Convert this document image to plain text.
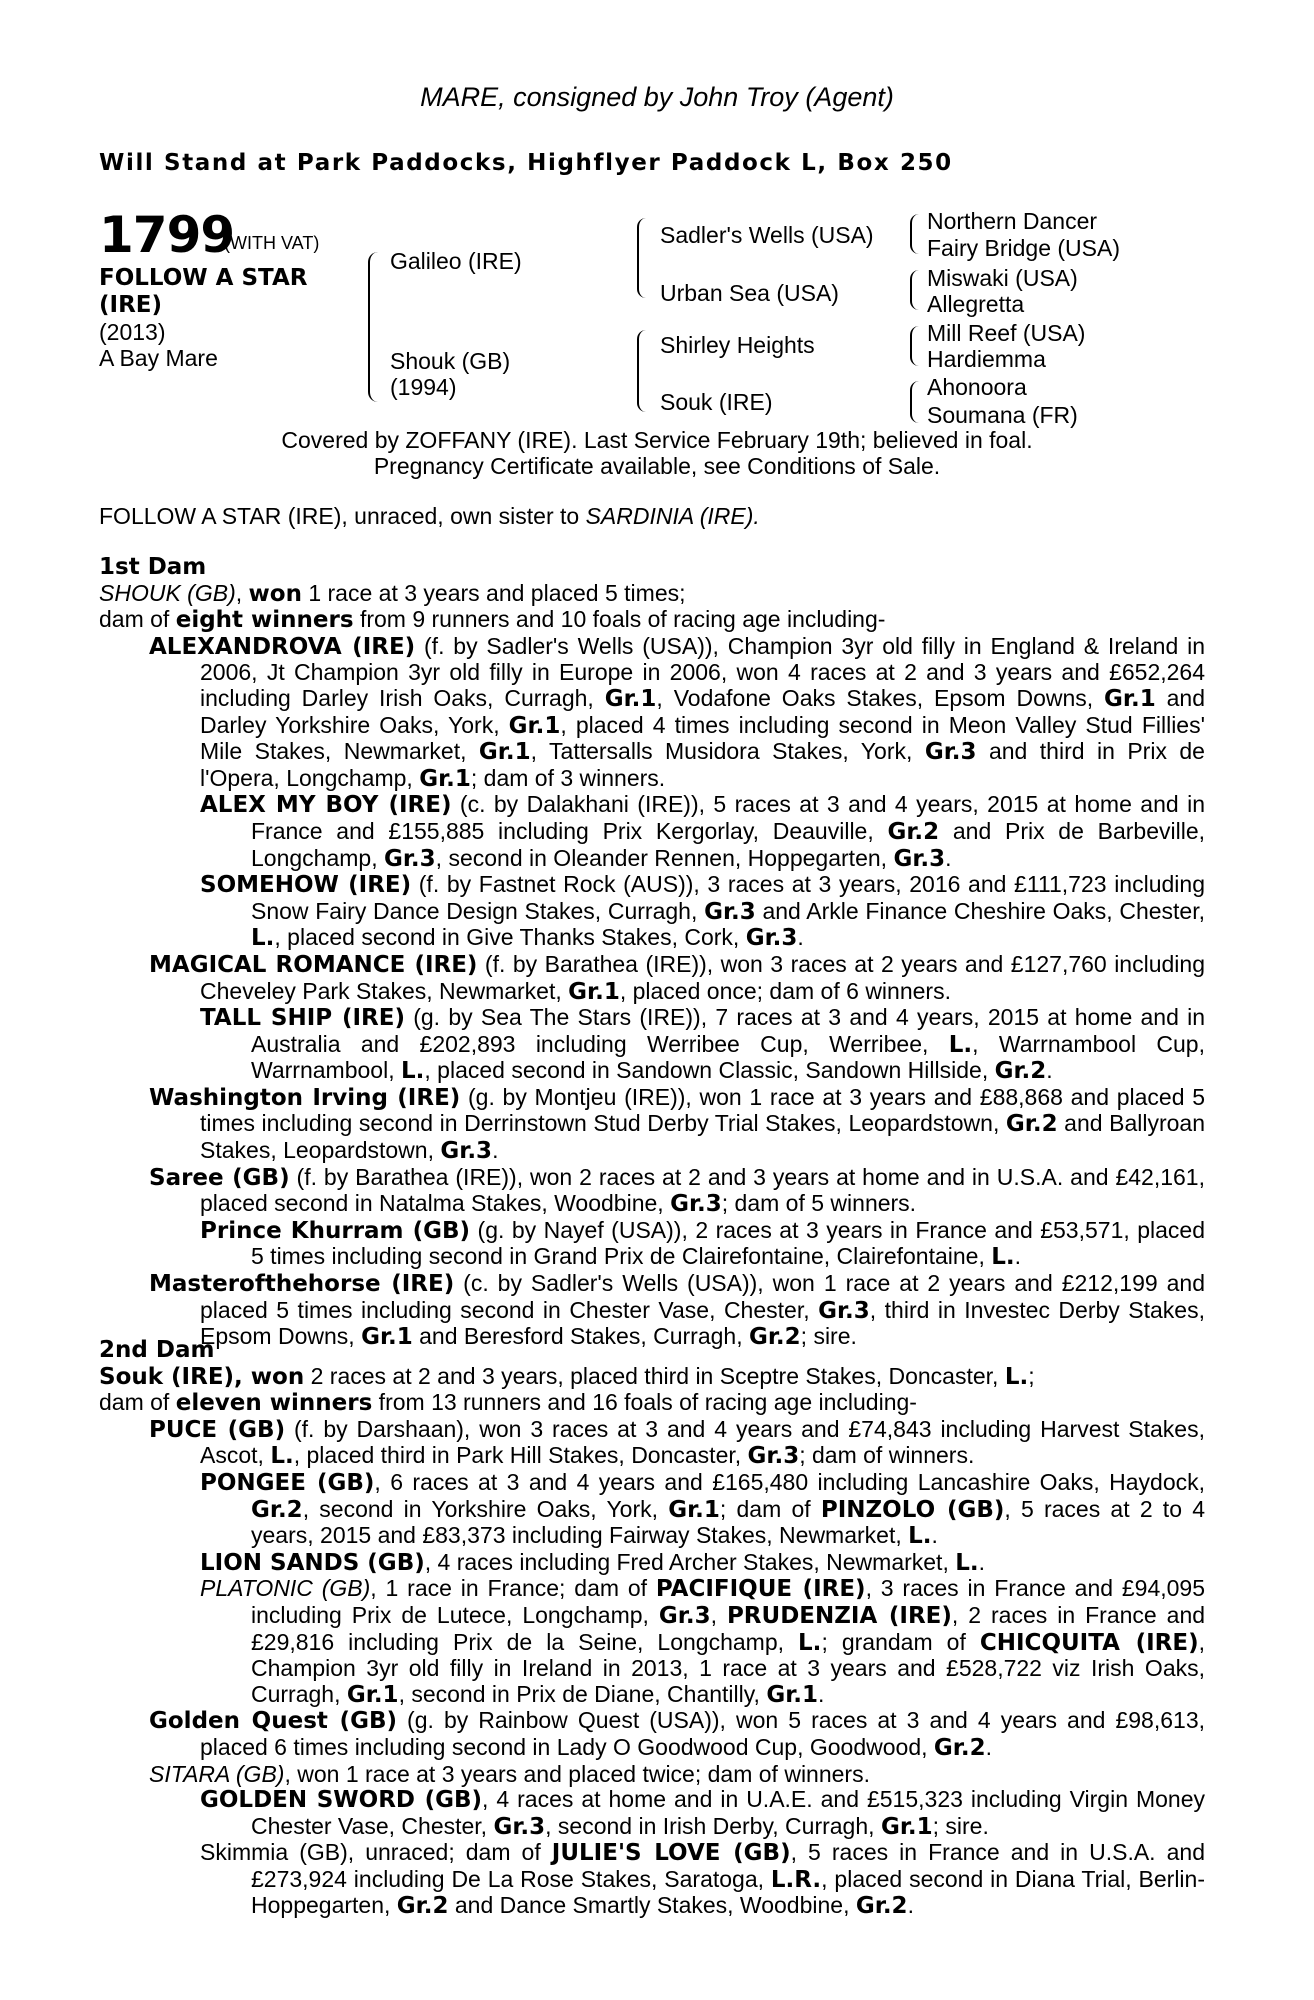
MARE, consigned by John Troy (Agent)
Will Stand at Park Paddocks, Highflyer Paddock L, Box 250
1799
(WITH VAT)
FOLLOW A STAR
(IRE)
(2013)
A Bay Mare
Galileo (IRE)
Shouk (GB)
(1994)
Sadler's Wells (USA)
Urban Sea (USA)
Shirley Heights
Souk (IRE)
Northern Dancer
Fairy Bridge (USA)
Miswaki (USA)
Allegretta
Mill Reef (USA)
Hardiemma
Ahonoora
Soumana (FR)
Covered by ZOFFANY (IRE). Last Service February 19th; believed in foal.
Pregnancy Certificate available, see Conditions of Sale.
FOLLOW A STAR (IRE), unraced, own sister to SARDINIA (IRE).

1st Dam

SHOUK (GB), won 1 race at 3 years and placed 5 times;

dam of eight winners from 9 runners and 10 foals of racing age including-

ALEXANDROVA (IRE) (f. by Sadler's Wells (USA)), Champion 3yr old filly in England & Ireland in 2006, Jt Champion 3yr old filly in Europe in 2006, won 4 races at 2 and 3 years and £652,264 including Darley Irish Oaks, Curragh, Gr.1, Vodafone Oaks Stakes, Epsom Downs, Gr.1 and Darley Yorkshire Oaks, York, Gr.1, placed 4 times including second in Meon Valley Stud Fillies' Mile Stakes, Newmarket, Gr.1, Tattersalls Musidora Stakes, York, Gr.3 and third in Prix de l'Opera, Longchamp, Gr.1; dam of 3 winners.

ALEX MY BOY (IRE) (c. by Dalakhani (IRE)), 5 races at 3 and 4 years, 2015 at home and in France and £155,885 including Prix Kergorlay, Deauville, Gr.2 and Prix de Barbeville, Longchamp, Gr.3, second in Oleander Rennen, Hoppegarten, Gr.3.

SOMEHOW (IRE) (f. by Fastnet Rock (AUS)), 3 races at 3 years, 2016 and £111,723 including Snow Fairy Dance Design Stakes, Curragh, Gr.3 and Arkle Finance Cheshire Oaks, Chester, L., placed second in Give Thanks Stakes, Cork, Gr.3.

MAGICAL ROMANCE (IRE) (f. by Barathea (IRE)), won 3 races at 2 years and £127,760 including Cheveley Park Stakes, Newmarket, Gr.1, placed once; dam of 6 winners.

TALL SHIP (IRE) (g. by Sea The Stars (IRE)), 7 races at 3 and 4 years, 2015 at home and in Australia and £202,893 including Werribee Cup, Werribee, L., Warrnambool Cup, Warrnambool, L., placed second in Sandown Classic, Sandown Hillside, Gr.2.

Washington Irving (IRE) (g. by Montjeu (IRE)), won 1 race at 3 years and £88,868 and placed 5 times including second in Derrinstown Stud Derby Trial Stakes, Leopardstown, Gr.2 and Ballyroan Stakes, Leopardstown, Gr.3.

Saree (GB) (f. by Barathea (IRE)), won 2 races at 2 and 3 years at home and in U.S.A. and £42,161, placed second in Natalma Stakes, Woodbine, Gr.3; dam of 5 winners.

Prince Khurram (GB) (g. by Nayef (USA)), 2 races at 3 years in France and £53,571, placed 5 times including second in Grand Prix de Clairefontaine, Clairefontaine, L..

Masterofthehorse (IRE) (c. by Sadler's Wells (USA)), won 1 race at 2 years and £212,199 and placed 5 times including second in Chester Vase, Chester, Gr.3, third in Investec Derby Stakes, Epsom Downs, Gr.1 and Beresford Stakes, Curragh, Gr.2; sire.

2nd Dam

Souk (IRE), won 2 races at 2 and 3 years, placed third in Sceptre Stakes, Doncaster, L.;

dam of eleven winners from 13 runners and 16 foals of racing age including-

PUCE (GB) (f. by Darshaan), won 3 races at 3 and 4 years and £74,843 including Harvest Stakes, Ascot, L., placed third in Park Hill Stakes, Doncaster, Gr.3; dam of winners.

PONGEE (GB), 6 races at 3 and 4 years and £165,480 including Lancashire Oaks, Haydock, Gr.2, second in Yorkshire Oaks, York, Gr.1; dam of PINZOLO (GB), 5 races at 2 to 4 years, 2015 and £83,373 including Fairway Stakes, Newmarket, L..

LION SANDS (GB), 4 races including Fred Archer Stakes, Newmarket, L..

PLATONIC (GB), 1 race in France; dam of PACIFIQUE (IRE), 3 races in France and £94,095 including Prix de Lutece, Longchamp, Gr.3, PRUDENZIA (IRE), 2 races in France and £29,816 including Prix de la Seine, Longchamp, L.; grandam of CHICQUITA (IRE), Champion 3yr old filly in Ireland in 2013, 1 race at 3 years and £528,722 viz Irish Oaks, Curragh, Gr.1, second in Prix de Diane, Chantilly, Gr.1.

Golden Quest (GB) (g. by Rainbow Quest (USA)), won 5 races at 3 and 4 years and £98,613, placed 6 times including second in Lady O Goodwood Cup, Goodwood, Gr.2.

SITARA (GB), won 1 race at 3 years and placed twice; dam of winners.

GOLDEN SWORD (GB), 4 races at home and in U.A.E. and £515,323 including Virgin Money Chester Vase, Chester, Gr.3, second in Irish Derby, Curragh, Gr.1; sire.

Skimmia (GB), unraced; dam of JULIE'S LOVE (GB), 5 races in France and in U.S.A. and £273,924 including De La Rose Stakes, Saratoga, L.R., placed second in Diana Trial, Berlin-Hoppegarten, Gr.2 and Dance Smartly Stakes, Woodbine, Gr.2.
